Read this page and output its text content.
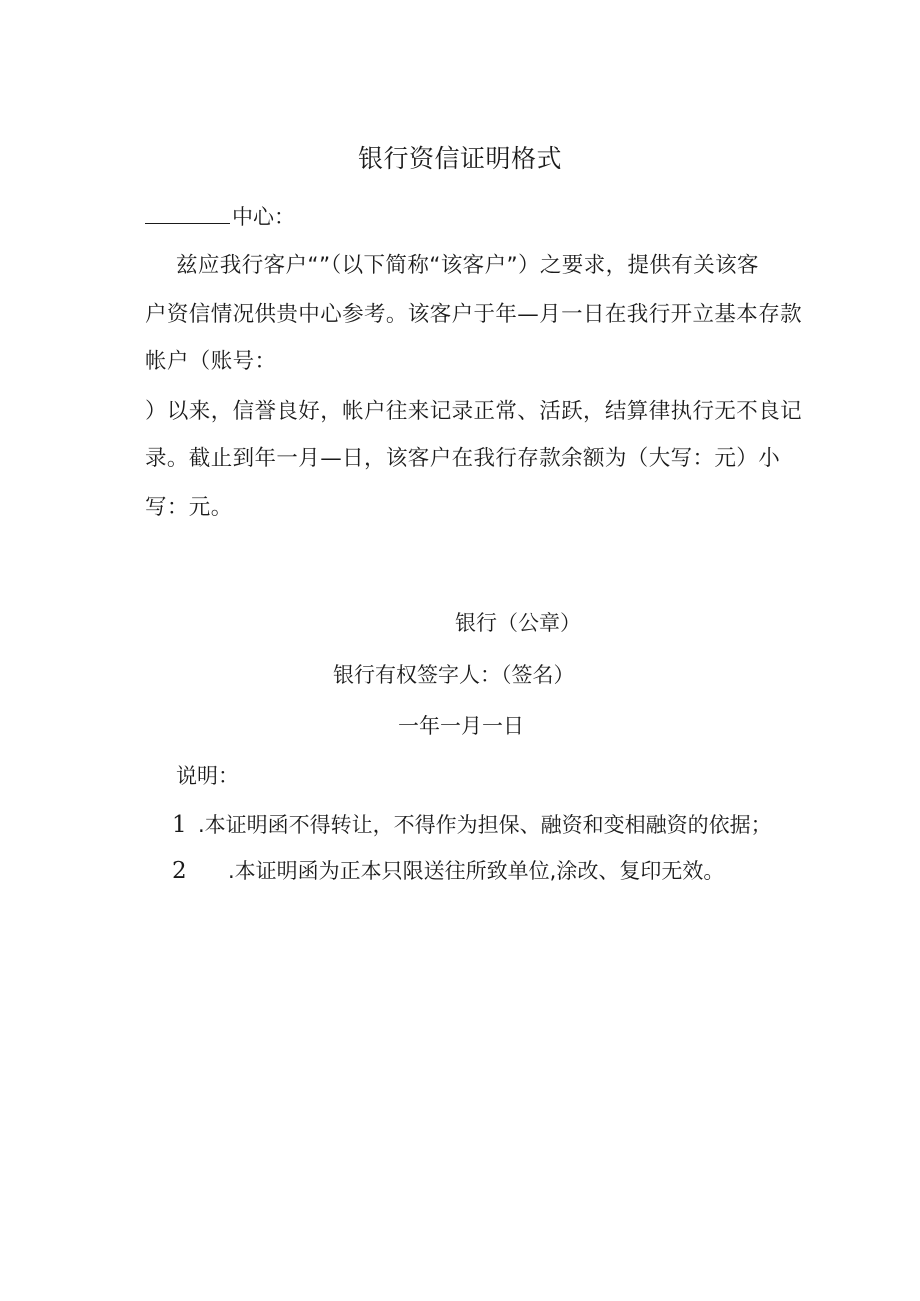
银行资信证明格式
中心：
兹应我行客户“”（以下简称“该客户”）之要求，提供有关该客
户资信情况供贵中心参考。该客户于年—月一日在我行开立基本存款
帐户（账号：
）以来，信誉良好，帐户往来记录正常、活跃，结算律执行无不良记
录。截止到年一月—日，该客户在我行存款余额为（大写：元）小
写：元。
银行（公章）
银行有权签字人：（签名）
一年一月一日
说明：
1 .本证明函不得转让，不得作为担保、融资和变相融资的依据；
2 .本证明函为正本只限送往所致单位,涂改、复印无效。
